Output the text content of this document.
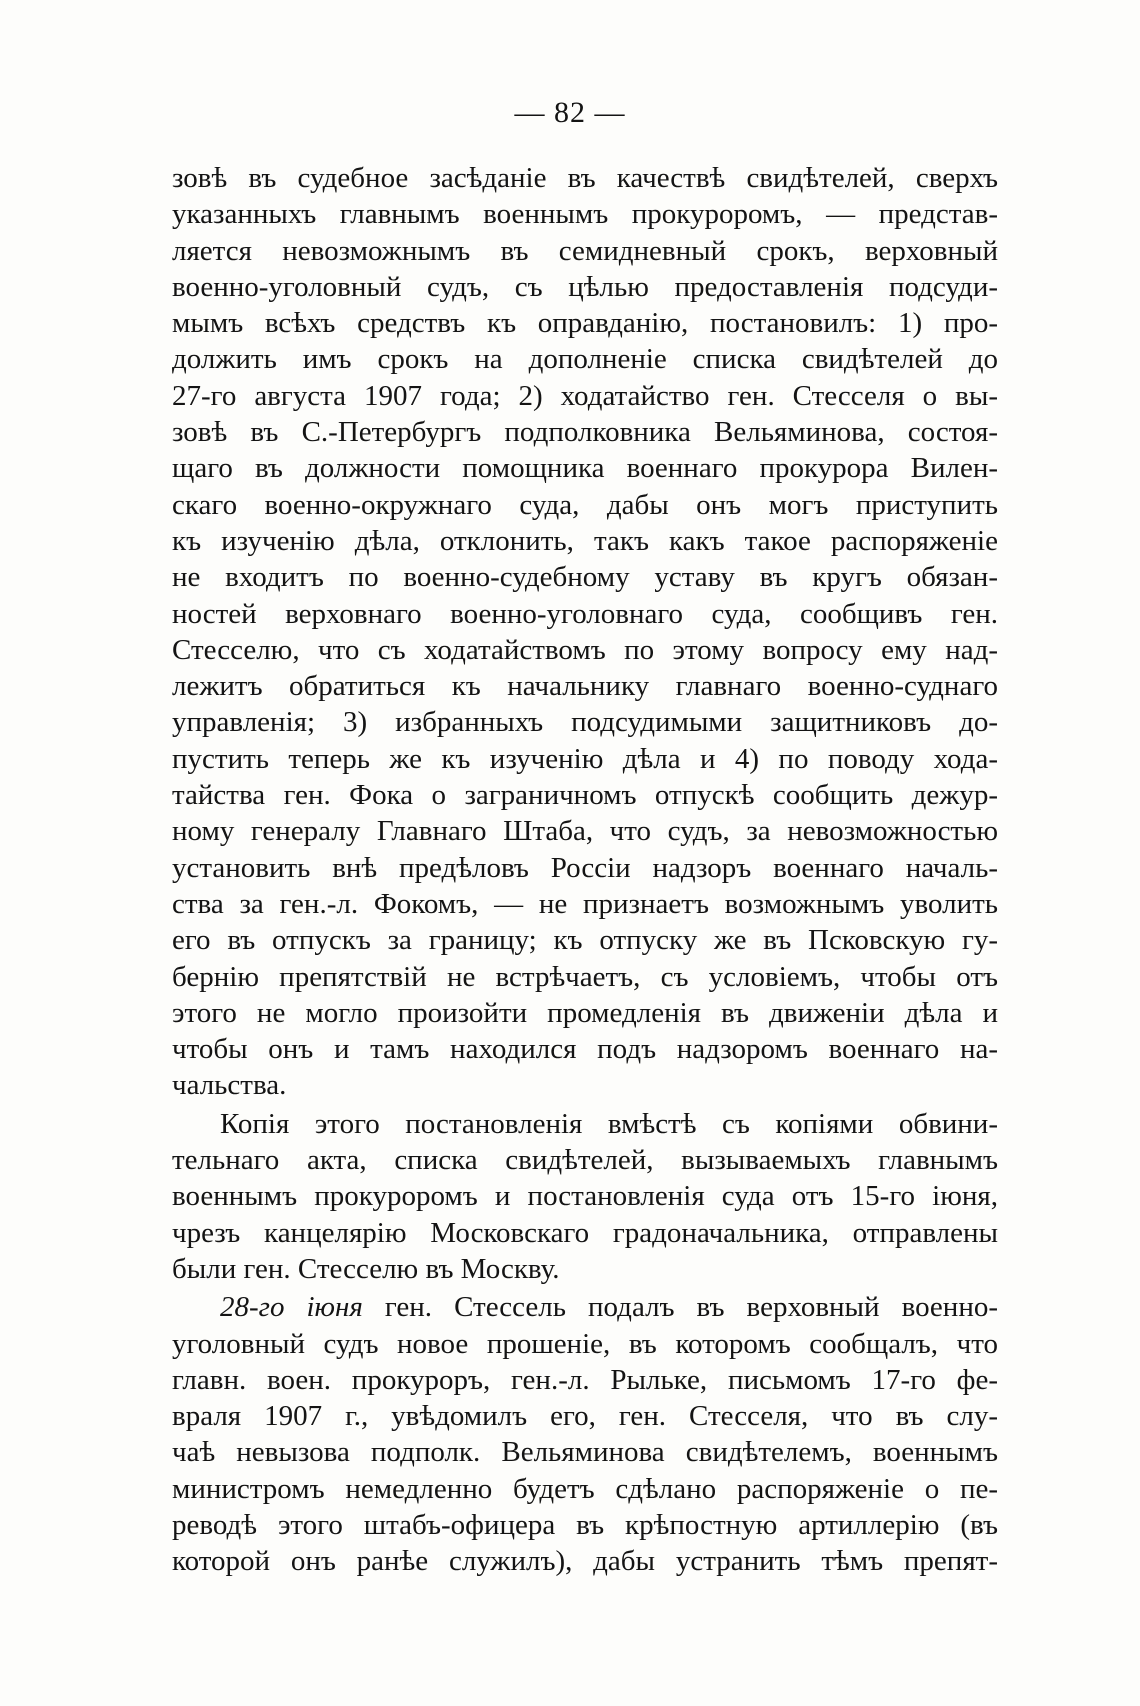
— 82 —
зовѣ въ судебное засѣданіе въ качествѣ свидѣтелей, сверхъ
указанныхъ главнымъ военнымъ прокуроромъ, — представ-
ляется невозможнымъ въ семидневный срокъ, верховный
военно-уголовный судъ, съ цѣлью предоставленія подсуди-
мымъ всѣхъ средствъ къ оправданію, постановилъ: 1) про-
должить имъ срокъ на дополненіе списка свидѣтелей до
27-го августа 1907 года; 2) ходатайство ген. Стесселя о вы-
зовѣ въ С.-Петербургъ подполковника Вельяминова, состоя-
щаго въ должности помощника военнаго прокурора Вилен-
скаго военно-окружнаго суда, дабы онъ могъ приступить
къ изученію дѣла, отклонить, такъ какъ такое распоряженіе
не входитъ по военно-судебному уставу въ кругъ обязан-
ностей верховнаго военно-уголовнаго суда, сообщивъ ген.
Стесселю, что съ ходатайствомъ по этому вопросу ему над-
лежитъ обратиться къ начальнику главнаго военно-суднаго
управленія; 3) избранныхъ подсудимыми защитниковъ до-
пустить теперь же къ изученію дѣла и 4) по поводу хода-
тайства ген. Фока о заграничномъ отпускѣ сообщить дежур-
ному генералу Главнаго Штаба, что судъ, за невозможностью
установить внѣ предѣловъ Россіи надзоръ военнаго началь-
ства за ген.-л. Фокомъ, — не признаетъ возможнымъ уволить
его въ отпускъ за границу; къ отпуску же въ Псковскую гу-
бернію препятствій не встрѣчаетъ, съ условіемъ, чтобы отъ
этого не могло произойти промедленія въ движеніи дѣла и
чтобы онъ и тамъ находился подъ надзоромъ военнаго на-
чальства.
Копія этого постановленія вмѣстѣ съ копіями обвини-
тельнаго акта, списка свидѣтелей, вызываемыхъ главнымъ
военнымъ прокуроромъ и постановленія суда отъ 15-го іюня,
чрезъ канцелярію Московскаго градоначальника, отправлены
были ген. Стесселю въ Москву.
28-го іюня ген. Стессель подалъ въ верховный военно-
уголовный судъ новое прошеніе, въ которомъ сообщалъ, что
главн. воен. прокуроръ, ген.-л. Рыльке, письмомъ 17-го фе-
враля 1907 г., увѣдомилъ его, ген. Стесселя, что въ слу-
чаѣ невызова подполк. Вельяминова свидѣтелемъ, военнымъ
министромъ немедленно будетъ сдѣлано распоряженіе о пе-
реводѣ этого штабъ-офицера въ крѣпостную артиллерію (въ
которой онъ ранѣе служилъ), дабы устранить тѣмъ препят-
